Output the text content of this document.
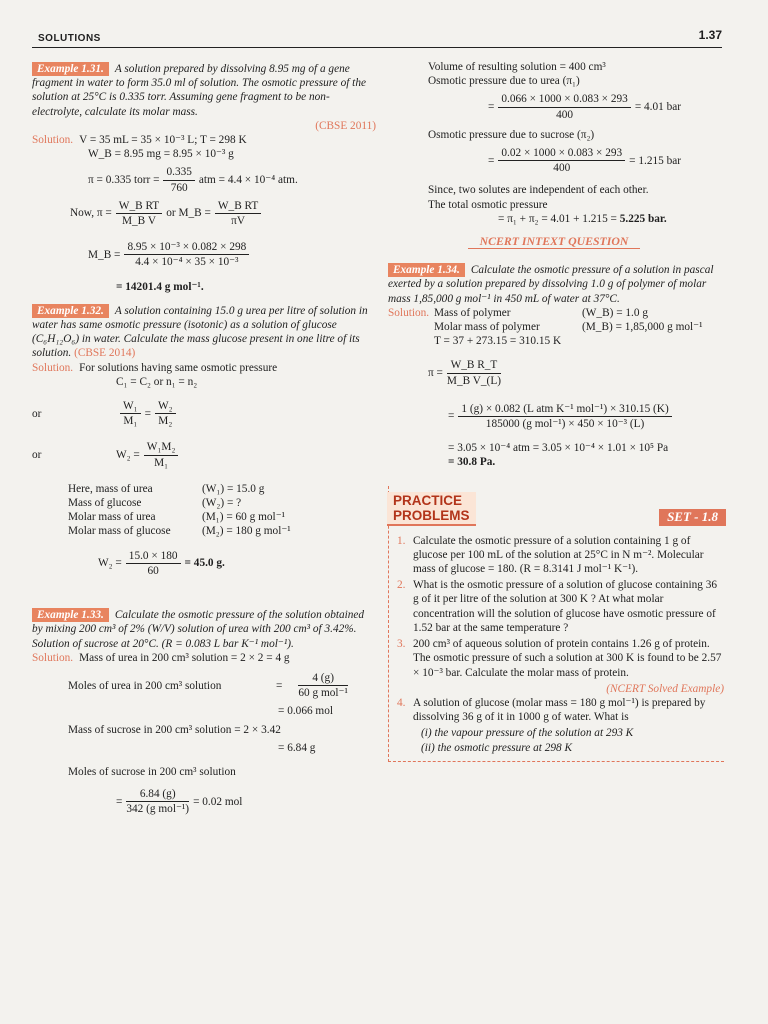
SOLUTIONS	1.37

Example 1.31. A solution prepared by dissolving 8.95 mg of a gene fragment in water to form 35.0 ml of solution. The osmotic pressure of the solution at 25°C is 0.335 torr. Assuming gene fragment to be non-electrolyte, calculate its molar mass.

(CBSE 2011)

Solution. V = 35 mL = 35 × 10⁻³ L; T = 298 K

W_B = 8.95 mg = 8.95 × 10⁻³ g

π = 0.335 torr = $\frac{0.335}{760}$ atm = 4.4 × 10⁻⁴ atm.
Now, $\pi = \frac{\text{W\_B RT}}{\text{M\_B V}}$ or M_B = $\frac{\text{W\_B RT}}{\pi V}$
M_B = $\frac{\text{8.95 × 10⁻³ × 0.082 × 298}}{\text{4.4 × 10⁻⁴ × 35 × 10⁻³}}$

= 14201.4 g mol⁻¹.

Example 1.32. A solution containing 15.0 g urea per litre of solution in water has same osmotic pressure (isotonic) as a solution of glucose (C₆H₁₂O₆) in water. Calculate the mass glucose present in one litre of its solution. (CBSE 2014)

Solution. For solutions having same osmotic pressure

C₁ = C₂ or n₁ = n₂

or	$\frac{\text{W₁}}{\text{M₁}} = \frac{\text{W₂}}{\text{M₂}}$
or	$W_2 = \frac{\text{W₁M₂}}{\text{M₁}}$
Here, mass of urea	(W₁) = 15.0 g
Mass of glucose	(W₂) = ?
Molar mass of urea	(M₁) = 60 g mol⁻¹
Molar mass of glucose	(M₂) = 180 g mol⁻¹
$W_2 = \frac{15.0 \times 180}{60} = 45.0$ g.

Example 1.33. Calculate the osmotic pressure of the solution obtained by mixing 200 cm³ of 2% (W/V) solution of urea with 200 cm³ of 3.42%. Solution of sucrose at 20°C. (R = 0.083 L bar K⁻¹ mol⁻¹).

Solution. Mass of urea in 200 cm³ solution = 2 × 2 = 4 g

Moles of urea in 200 cm³ solution	=
4 (g)
60 g mol⁻¹

= 0.066 mol

Mass of sucrose in 200 cm³ solution = 2 × 3.42

= 6.84 g

Moles of sucrose in 200 cm³ solution

=
6.84 (g)
342 (g mol⁻¹)
= 0.02 mol

Volume of resulting solution = 400 cm³

Osmotic pressure due to urea (π₁)

= $\frac{0.066 \times 1000 \times 0.083 \times 293}{400} = 4.01$ bar

Osmotic pressure due to sucrose (π₂)

= $\frac{0.02 \times 1000 \times 0.083 \times 293}{400} = 1.215$ bar

Since, two solutes are independent of each other.

The total osmotic pressure

= π₁ + π₂ = 4.01 + 1.215 = 5.225 bar.

NCERT INTEXT QUESTION

Example 1.34. Calculate the osmotic pressure of a solution in pascal exerted by a solution prepared by dissolving 1.0 g of polymer of molar mass 1,85,000 g mol⁻¹ in 450 mL of water at 37°C.

Solution. Mass of polymer	(W_B) = 1.0 g
Molar mass of polymer	(M_B) = 1,85,000 g mol⁻¹

T = 37 + 273.15 = 310.15 K

$\pi = \frac{\text{W\_B R\_T}}{\text{M\_B V\_(L)}}$
=
1 (g) × 0.082 (L atm K⁻¹ mol⁻¹) × 310.15 (K)
185000 (g mol⁻¹) × 450 × 10⁻³ (L)

= 3.05 × 10⁻⁴ atm = 3.05 × 10⁻⁴ × 1.01 × 10⁵ Pa

= 30.8 Pa.

PRACTICE
PROBLEMS	SET - 1.8
1. Calculate the osmotic pressure of a solution containing 1 g of glucose per 100 mL of the solution at 25°C in N m⁻². Molecular mass of glucose = 180. (R = 8.3141 J mol⁻¹ K⁻¹).
2. What is the osmotic pressure of a solution of glucose containing 36 g of it per litre of the solution at 300 K ? At what molar concentration will the solution of glucose have osmotic pressure of 1.52 bar at the same temperature ?
3. 200 cm³ of aqueous solution of protein contains 1.26 g of protein. The osmotic pressure of such a solution at 300 K is found to be 2.57 × 10⁻³ bar. Calculate the molar mass of protein.

(NCERT Solved Example)

4. A solution of glucose (molar mass = 180 g mol⁻¹) is prepared by dissolving 36 g of it in 1000 g of water. What is

(i) the vapour pressure of the solution at 293 K

(ii) the osmotic pressure at 298 K
